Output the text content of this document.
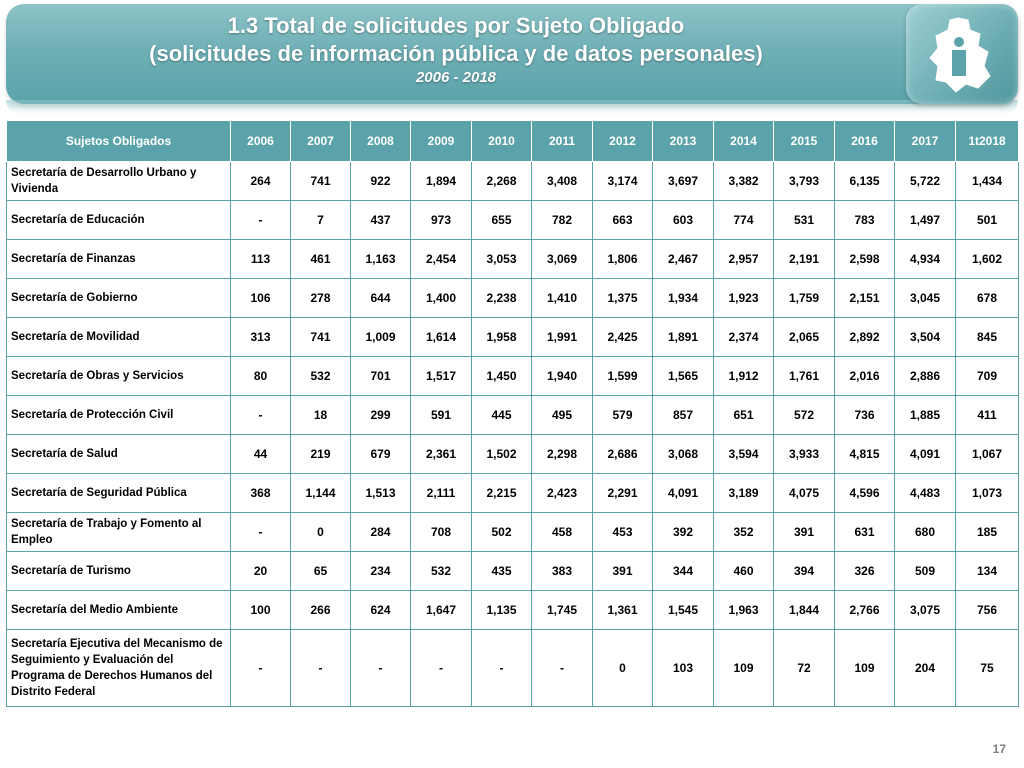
1.3 Total de solicitudes por Sujeto Obligado
(solicitudes de información pública y de datos personales)
2006 - 2018
Sujetos Obligados	2006	2007	2008	2009	2010	2011	2012	2013	2014	2015	2016	2017	1t2018
Secretaría de Desarrollo Urbano y Vivienda	264	741	922	1,894	2,268	3,408	3,174	3,697	3,382	3,793	6,135	5,722	1,434
Secretaría de Educación	-	7	437	973	655	782	663	603	774	531	783	1,497	501
Secretaría de Finanzas	113	461	1,163	2,454	3,053	3,069	1,806	2,467	2,957	2,191	2,598	4,934	1,602
Secretaría de Gobierno	106	278	644	1,400	2,238	1,410	1,375	1,934	1,923	1,759	2,151	3,045	678
Secretaría de Movilidad	313	741	1,009	1,614	1,958	1,991	2,425	1,891	2,374	2,065	2,892	3,504	845
Secretaría de Obras y Servicios	80	532	701	1,517	1,450	1,940	1,599	1,565	1,912	1,761	2,016	2,886	709
Secretaría de Protección Civil	-	18	299	591	445	495	579	857	651	572	736	1,885	411
Secretaría de Salud	44	219	679	2,361	1,502	2,298	2,686	3,068	3,594	3,933	4,815	4,091	1,067
Secretaría de Seguridad Pública	368	1,144	1,513	2,111	2,215	2,423	2,291	4,091	3,189	4,075	4,596	4,483	1,073
Secretaría de Trabajo y Fomento al Empleo	-	0	284	708	502	458	453	392	352	391	631	680	185
Secretaría de Turismo	20	65	234	532	435	383	391	344	460	394	326	509	134
Secretaría del Medio Ambiente	100	266	624	1,647	1,135	1,745	1,361	1,545	1,963	1,844	2,766	3,075	756
Secretaría Ejecutiva del Mecanismo de Seguimiento y Evaluación del Programa de Derechos Humanos del Distrito Federal	-	-	-	-	-	-	0	103	109	72	109	204	75
17
